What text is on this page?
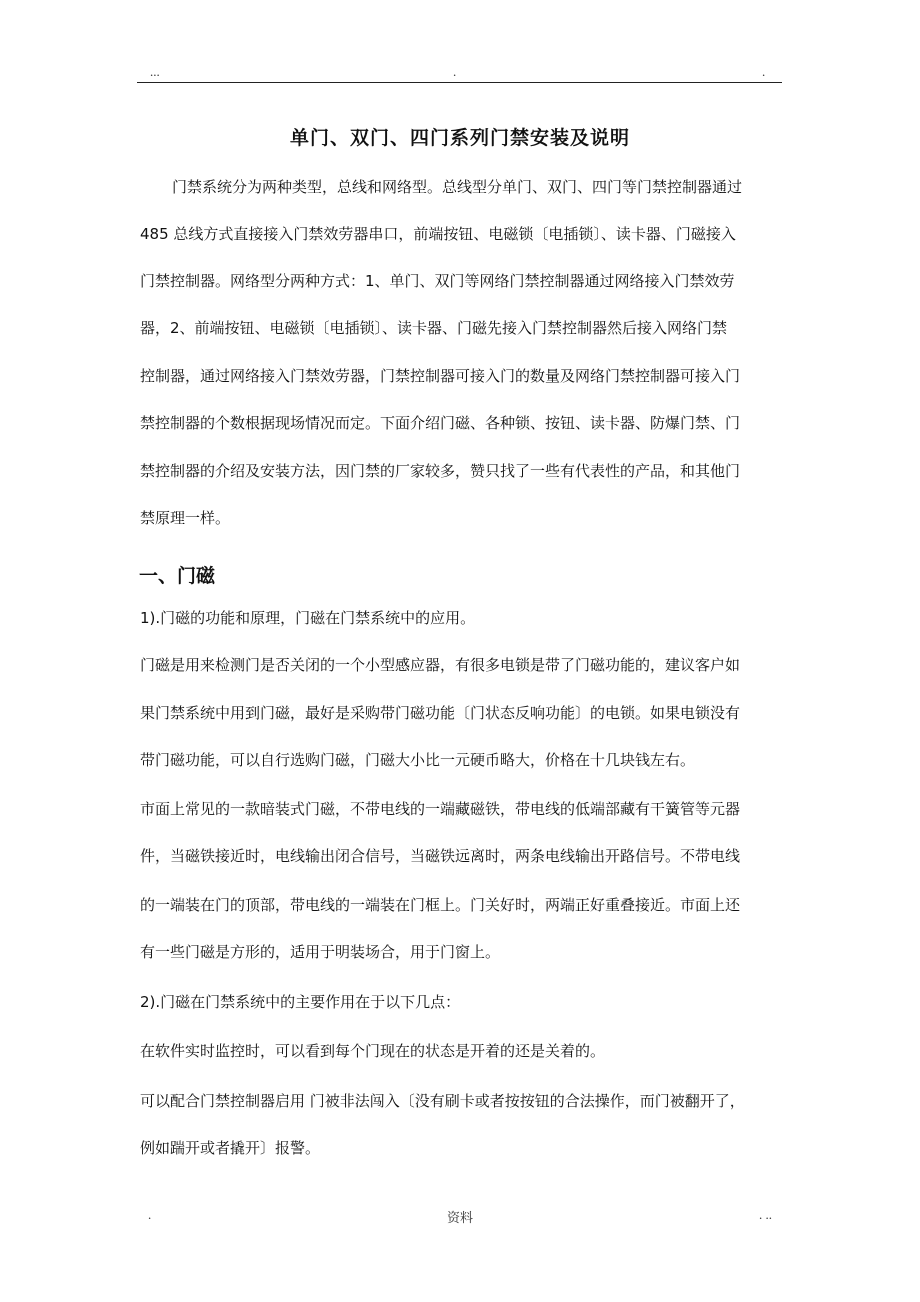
...	.	.
单门、双门、四门系列门禁安装及说明
门禁系统分为两种类型，总线和网络型。总线型分单门、双门、四门等门禁控制器通过
485 总线方式直接接入门禁效劳器串口，前端按钮、电磁锁〔电插锁〕、读卡器、门磁接入
门禁控制器。网络型分两种方式：1、单门、双门等网络门禁控制器通过网络接入门禁效劳
器，2、前端按钮、电磁锁〔电插锁〕、读卡器、门磁先接入门禁控制器然后接入网络门禁
控制器，通过网络接入门禁效劳器，门禁控制器可接入门的数量及网络门禁控制器可接入门
禁控制器的个数根据现场情况而定。下面介绍门磁、各种锁、按钮、读卡器、防爆门禁、门
禁控制器的介绍及安装方法，因门禁的厂家较多，赞只找了一些有代表性的产品，和其他门
禁原理一样。
一、门磁
1).门磁的功能和原理，门磁在门禁系统中的应用。
门磁是用来检测门是否关闭的一个小型感应器，有很多电锁是带了门磁功能的，建议客户如
果门禁系统中用到门磁，最好是采购带门磁功能〔门状态反响功能〕的电锁。如果电锁没有
带门磁功能，可以自行选购门磁，门磁大小比一元硬币略大，价格在十几块钱左右。
市面上常见的一款暗装式门磁，不带电线的一端藏磁铁，带电线的低端部藏有干簧管等元器
件，当磁铁接近时，电线输出闭合信号，当磁铁远离时，两条电线输出开路信号。不带电线
的一端装在门的顶部，带电线的一端装在门框上。门关好时，两端正好重叠接近。市面上还
有一些门磁是方形的，适用于明装场合，用于门窗上。
2).门磁在门禁系统中的主要作用在于以下几点：
在软件实时监控时，可以看到每个门现在的状态是开着的还是关着的。
可以配合门禁控制器启用 门被非法闯入〔没有刷卡或者按按钮的合法操作，而门被翻开了，
例如踹开或者撬开〕报警。
.	资料	. ..
